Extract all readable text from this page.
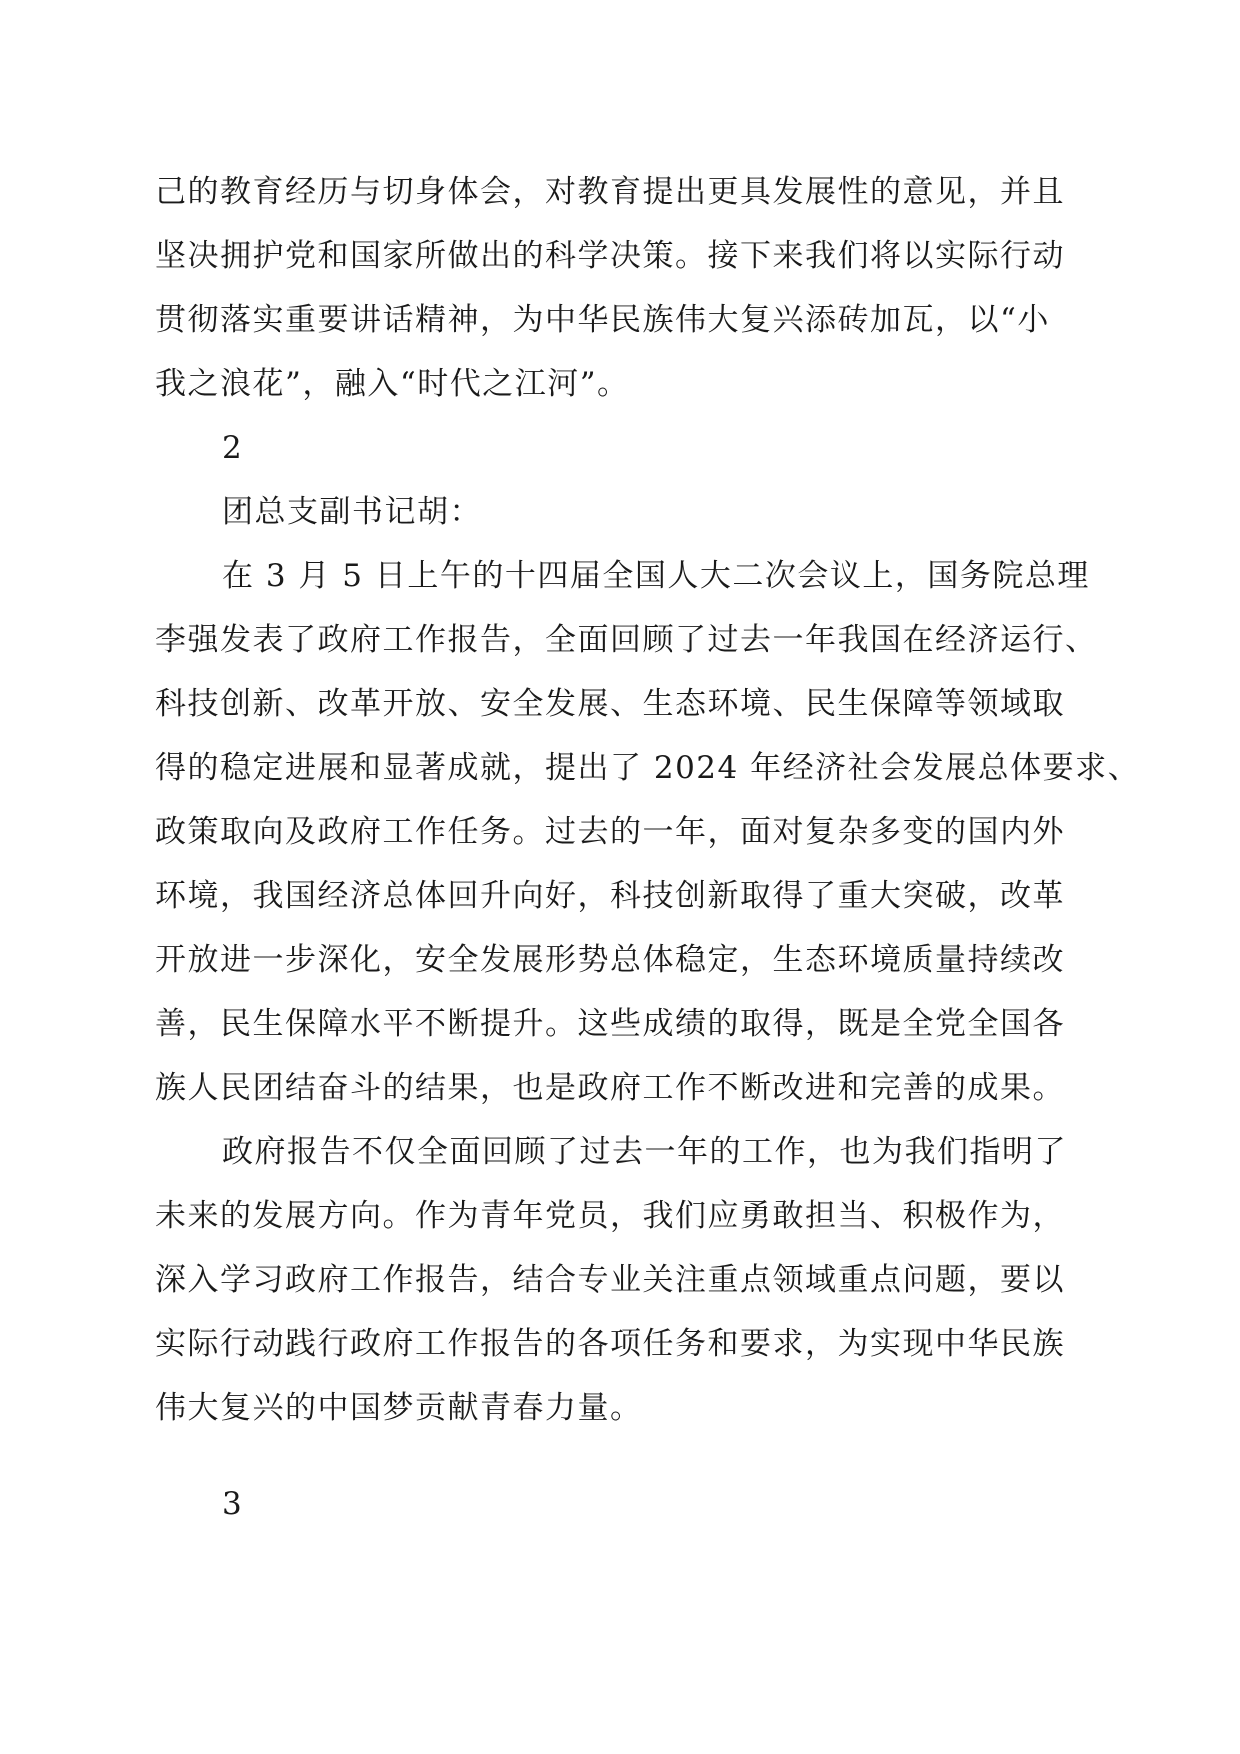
己的教育经历与切身体会，对教育提出更具发展性的意见，并且
坚决拥护党和国家所做出的科学决策。接下来我们将以实际行动
贯彻落实重要讲话精神，为中华民族伟大复兴添砖加瓦，以“小
我之浪花”，融入“时代之江河”。
2
团总支副书记胡：
在 3 月 5 日上午的十四届全国人大二次会议上，国务院总理
李强发表了政府工作报告，全面回顾了过去一年我国在经济运行、
科技创新、改革开放、安全发展、生态环境、民生保障等领域取
得的稳定进展和显著成就，提出了 2024 年经济社会发展总体要求、
政策取向及政府工作任务。过去的一年，面对复杂多变的国内外
环境，我国经济总体回升向好，科技创新取得了重大突破，改革
开放进一步深化，安全发展形势总体稳定，生态环境质量持续改
善，民生保障水平不断提升。这些成绩的取得，既是全党全国各
族人民团结奋斗的结果，也是政府工作不断改进和完善的成果。
政府报告不仅全面回顾了过去一年的工作，也为我们指明了
未来的发展方向。作为青年党员，我们应勇敢担当、积极作为，
深入学习政府工作报告，结合专业关注重点领域重点问题，要以
实际行动践行政府工作报告的各项任务和要求，为实现中华民族
伟大复兴的中国梦贡献青春力量。
3
